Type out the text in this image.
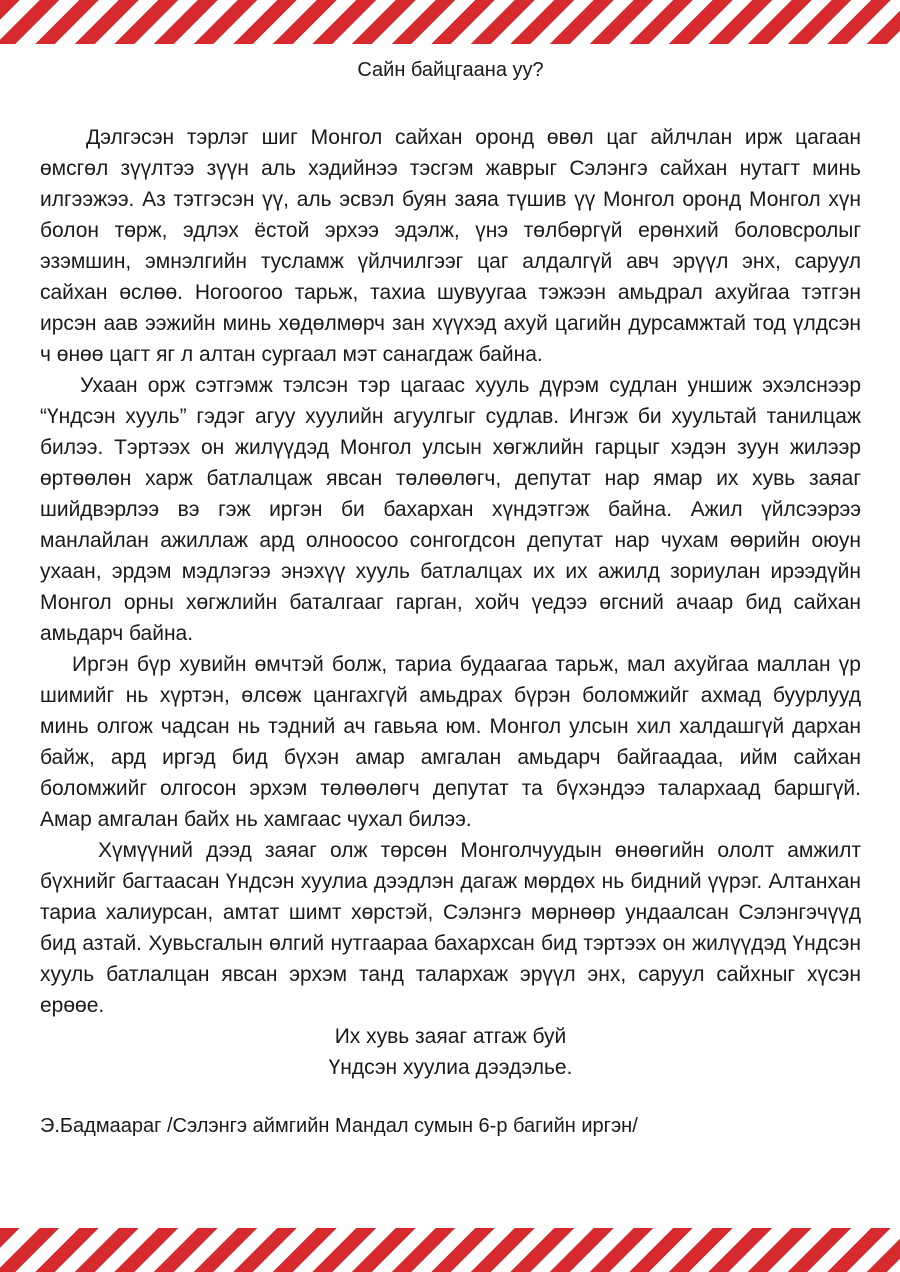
Сайн байцгаана уу?

Дэлгэсэн тэрлэг шиг Монгол сайхан оронд өвөл цаг айлчлан ирж цагаан өмсгөл зүүлтээ зүүн аль хэдийнээ тэсгэм жаврыг Сэлэнгэ сайхан нутагт минь илгээжээ. Аз тэтгэсэн үү, аль эсвэл буян заяа түшив үү Монгол оронд Монгол хүн болон төрж, эдлэх ёстой эрхээ эдэлж, үнэ төлбөргүй ерөнхий боловсролыг эзэмшин, эмнэлгийн тусламж үйлчилгээг цаг алдалгүй авч эрүүл энх, саруул сайхан өслөө. Ногоогоо тарьж, тахиа шувуугаа тэжээн амьдрал ахуйгаа тэтгэн ирсэн аав ээжийн минь хөдөлмөрч зан хүүхэд ахуй цагийн дурсамжтай тод үлдсэн ч өнөө цагт яг л алтан сургаал мэт санагдаж байна.

Ухаан орж сэтгэмж тэлсэн тэр цагаас хууль дүрэм судлан уншиж эхэлснээр “Үндсэн хууль” гэдэг агуу хуулийн агуулгыг судлав. Ингэж би хуультай танилцаж билээ. Тэртээх он жилүүдэд Монгол улсын хөгжлийн гарцыг хэдэн зуун жилээр өртөөлөн харж батлалцаж явсан төлөөлөгч, депутат нар ямар их хувь заяаг шийдвэрлээ вэ гэж иргэн би бахархан хүндэтгэж байна. Ажил үйлсээрээ манлайлан ажиллаж ард олноосоо сонгогдсон депутат нар чухам өөрийн оюун ухаан, эрдэм мэдлэгээ энэхүү хууль батлалцах их их ажилд зориулан ирээдүйн Монгол орны хөгжлийн баталгааг гарган, хойч үедээ өгсний ачаар бид сайхан амьдарч байна.

Иргэн бүр хувийн өмчтэй болж, тариа будаагаа тарьж, мал ахуйгаа маллан үр шимийг нь хүртэн, өлсөж цангахгүй амьдрах бүрэн боломжийг ахмад буурлууд минь олгож чадсан нь тэдний ач гавьяа юм. Монгол улсын хил халдашгүй дархан байж, ард иргэд бид бүхэн амар амгалан амьдарч байгаадаа, ийм сайхан боломжийг олгосон эрхэм төлөөлөгч депутат та бүхэндээ талархаад баршгүй. Амар амгалан байх нь хамгаас чухал билээ.

Хүмүүний дээд заяаг олж төрсөн Монголчуудын өнөөгийн ололт амжилт бүхнийг багтаасан Үндсэн хуулиа дээдлэн дагаж мөрдөх нь бидний үүрэг. Алтанхан тариа халиурсан, амтат шимт хөрстэй, Сэлэнгэ мөрнөөр ундаалсан Сэлэнгэчүүд бид азтай. Хувьсгалын өлгий нутгаараа бахархсан бид тэртээх он жилүүдэд Үндсэн хууль батлалцан явсан эрхэм танд талархаж эрүүл энх, саруул сайхныг хүсэн ерөөе.

Их хувь заяаг атгаж буй

Үндсэн хуулиа дээдэлье.

Э.Бадмаараг /Сэлэнгэ аймгийн Мандал сумын 6-р багийн иргэн/
